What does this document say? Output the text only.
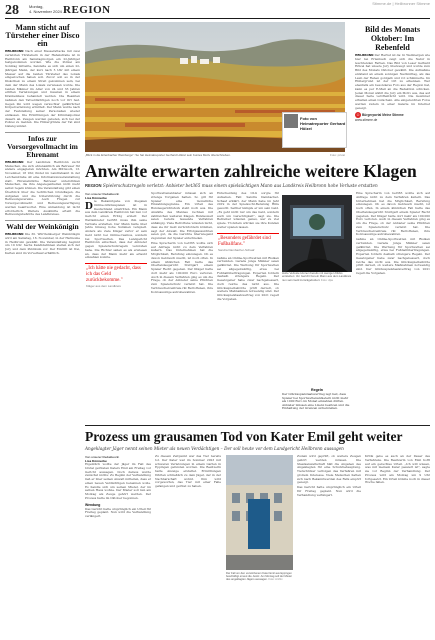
28	Montag,
4. November 2024 REGION
Stimme.de | Heilbronner Stimme
Mann sticht auf Türsteher einer Disco ein

HEILBRONN Nach einer Messerattacke mit zwei verletzten Türstehern in der Hafenstraße ist in Heilbronn am Samstagmorgen ein 22-Jähriger festgenommen worden. Wie die Polizei am Sonntag mitteilte, handelte es sich um einen 22-jährigen Mann, der kurz nach 5 Uhr mit einem Messer auf die beiden Türsteher des Lokals eingestochen haben soll. Zuvor soll es in der Diskothek zu einem Streit gekommen sein, bei dem der Mann des Lokals verwiesen wurde. Die beiden Männer im Alter von 24 und 33 Jahren erlitten Verletzungen und mussten in einem Krankenhaus behandelt werden. Die Beamten nahmen den Tatverdächtigen noch vor Ort fest. Gegen ihn wird wegen versuchter gefährlicher Körperverletzung ermittelt. Der Mann wurde nach der Feststellung seiner Personalien wieder entlassen. Die Ermittlungen der Kriminalpolizei dauern an. Zeugen werden gebeten, sich bei der Polizei zu melden. Die Hintergründe der Tat sind bislang unklar.

Infos zur Vorsorgevollmacht im Ehrenamt

HEILBRONN Der Landkreis Heilbronn sucht Menschen, die sich ehrenamtlich als Betreuer für andere engagieren möchten. Am Mittwoch, 13. November, 18 Uhr, findet im Landratsamt in der Lerchenstraße 40 eine Informationsveranstaltung statt. Ehrenamtliche Betreuer unterstützen Menschen, die ihre Angelegenheiten nicht mehr selbst regeln können. Die Veranstaltung gibt einen Überblick über die rechtlichen Grundlagen, die Aufgaben und die Unterstützung durch die Betreuungsvereine. Auch Fragen zur Vorsorgevollmacht und Betreuungsverfügung werden beantwortet. Eine Anmeldung ist nicht erforderlich. Weitere Auskünfte erteilt die Betreuungsbehörde des Landkreises.

Wahl der Weinkönigin

HEILBRONN Die 30. Württemberger Weinkönigin wird am Samstag, 16. November, in der Harmonie in Heilbronn gewählt. Die Veranstaltung beginnt um 19 Uhr. Sechs Kandidatinnen stellen sich der Jury und dem Publikum vor. Der Eintritt ist frei, Karten sind im Vorverkauf erhältlich.

Foto von Heimatreporter Gerhard Hölzel
Foto: privat
„Blick in die Erlenbacher Weinberge": So hat Heimatreporter Gerhard Hölzel sein buntes Motiv überschrieben.
Bild des Monats Oktober: Im Rebenfeld

HEILBRONN Der Herbst ist da: In Weinbergen wie hier bei Erlenbach zeigt sich die Natur in leuchtenden Farben. Das Bild von Leser Gerhard Hölzel hat unsere Jury überzeugt und wurde zum Bild des Monats Oktober gewählt. Die Aufnahme entstand an einem sonnigen Nachmittag, als das Laub der Reben goldgelb und rot schimmerte. Im Hintergrund ist der Ort zu erkennen. Wer ebenfalls ein besonderes Foto aus der Region hat, kann es per E-Mail an die Redaktion schicken. Jeden Monat wählt die Jury ein Motiv aus, das auf dieser Seite veröffentlicht wird. Die Gewinner erhalten einen Gutschein. Alle eingereichten Fotos werden zudem in einer Galerie im Internet gezeigt.

☺ Bürgerportal Meine Stimme
www.stimme.de
Anwälte erwarten zahlreiche weitere Klagen
REGION Spielerschutzregeln verletzt: Anbieter bet365 muss einem spielsüchtigen Mann aus Landkreis Heilbronn hohe Verluste erstatten
Von unserer Redakteurin
Lisa Könnecke

Die Bekanntgabe von illegalen Online-Glücksspielen ist in Deutschland umstritten. Ein Mann aus dem Landkreis Heilbronn hat nun vor Gericht einen Erfolg erzielt: Der Wettanbieter bet365 muss ihm seine Verluste erstatten. Der Mann hatte über Jahre hinweg hohe Summen verspielt. Anders als viele Kläger verlor er sein Geld nicht bei Online-Casinos, sondern bei Sportwetten. Das Landgericht Heilbronn entschied, dass der Anbieter gegen Spielerschutzregeln verstoßen habe. Die Richter sahen es als erwiesen an, dass der Mann mehr als erlaubt einzahlen konnte.

„Ich hätte nie gedacht, dass ich das Geld zurückbekomme."
Kläger aus dem Landkreis

Sportwettenanbieter müssen sich an strenge Vorgaben halten. So gilt für Spieler eine monatliche Einzahlungsgrenze. Ein Urteil des Bundesgerichtshofs steht noch aus. Die Anwälte des Mannes rechnen mit zahlreichen weiteren Klagen. Bundesweit seien bereits tausende Verfahren anhängig. Viele Betroffene wüssten nicht, dass sie ihr Geld zurückfordern könnten, sagt der Anwalt. Die Erfolgsaussichten seien gut, da die Gerichte überwiegend zugunsten der Spieler entschieden.

Eine Sprecherin von bet365 wollte sich auf Anfrage nicht zu dem Verfahren äußern. Das Unternehmen hat die Möglichkeit, Berufung einzulegen. Ob es davon Gebrauch macht, ist noch offen. In einem ähnlichen Fall hatte das Oberlandesgericht Stuttgart einem Spieler Recht gegeben. Der Kläger hatte dort mehr als 100.000 Euro verloren. Auch in diesem Verfahren ging es um die Frage, ob der Anbieter seine Pflichten zum Spielerschutz verletzt hat. Die Verbraucherzentrale rät Betroffenen, ihre Kontoauszüge aufzubewahren.

Entscheidung des OLG sorgte für Aufsehen. Fall: Sandra Dambacher-Schaaf erklärt, der Mann habe im Jahr 2019 in der Spielsucht-Beratung Hilfe gesucht. Seither kämpfe er um sein Geld. „Es geht nicht nur um das Geld, sondern auch um Gerechtigkeit", sagt sie. Die Betreiber wüssten genau, wer zu viel spiele. Trotzdem würden sie ihre Kunden weiter spielen lassen.

„Besonders gefährdet sind Fußballfans."
Sandra Dambacher-Schaaf

nahme an Online-Sportwetten mit Risiken verbunden. Gerade junge Männer seien gefährdet. Die Werbung für Sportwetten sei allgegenwärtig, etwa bei Fußballübertragungen. Experten fordern deshalb strengere Regeln. Der Gesetzgeber habe zwar nachgebessert, doch reiche das nicht aus. Die Glücksspielbehörde prüft derzeit, ob weitere Maßnahmen notwendig sind. Der Glücksspielstaatsvertrag von 2021 regelt die Vorgaben.

Eine Sprecherin von bet365 wollte sich auf Anfrage nicht zu dem Verfahren äußern. Das Unternehmen hat die Möglichkeit, Berufung einzulegen. Ob es davon Gebrauch macht, ist noch offen. In einem ähnlichen Fall hatte das Oberlandesgericht Stuttgart einem Spieler Recht gegeben. Der Kläger hatte dort mehr als 100.000 Euro verloren. Auch in diesem Verfahren ging es um die Frage, ob der Anbieter seine Pflichten zum Spielerschutz verletzt hat. Die Verbraucherzentrale rät Betroffenen, ihre Kontoauszüge aufzubewahren.

nahme an Online-Sportwetten mit Risiken verbunden. Gerade junge Männer seien gefährdet. Die Werbung für Sportwetten sei allgegenwärtig, etwa bei Fußballübertragungen. Experten fordern deshalb strengere Regeln. Der Gesetzgeber habe zwar nachgebessert, doch reiche das nicht aus. Die Glücksspielbehörde prüft derzeit, ob weitere Maßnahmen notwendig sind. Der Glücksspielstaatsvertrag von 2021 regelt die Vorgaben.

Hohe Verluste können bereits mit wenigen Klicks entstehen: Vor Gericht hat ein Mann aus dem Landkreis nun sein Geld zurückgefordert. Foto: dpa
Regeln
Der Glücksspielstaatsvertrag legt fest, dass Spieler bei Sportwettenanbietern nicht mehr als 1000 Euro im Monat einzahlen dürfen. Anbieter müssen eine Lizenz besitzen und die Einhaltung der Grenzen sicherstellen.
Prozess um grausamen Tod von Kater Emil geht weiter
Angeklagter Jäger nennt seinen Mieter als neuen Verdächtigen – Der soll heute vor dem Landgericht Heilbronn aussagen
Von unserer Redakteurin
Lisa Könnecke

Eigentlich wollte der Jäger im Fall des brutal getöteten Katers Emil am Freitag vor Gericht aussagen. Doch daraus wurde zunächst nichts: Zu Beginn der Verhandlung ließ er über seinen Anwalt mitteilen, dass er einen neuen Verdächtigen benennen wolle. Es handle sich um seinen Mieter, der im selben Haus wohne. Der Mieter soll nun am Montag als Zeuge gehört werden. Der Prozess hatte im Oktober begonnen.

Wendung

Das Gericht hatte ursprünglich ein Urteil für Freitag geplant. Nun wird die Verhandlung verlängert.

Zu diesem Zeitpunkt war das Tier bereits tot. Der Kater war im Sommer 2023 mit schweren Verletzungen in einem Garten in Eppingen gefunden worden. Die Besitzerin hatte Anzeige erstattet. Ermittlungen führten schließlich zu dem Jäger, der in der Nachbarschaft wohnt. Ihm wird vorgeworfen, das Tier mit einer Falle gefangen und getötet zu haben.

Der Fall um den verstorbenen Kater Emil aus Eppingen beschäftigt erneut die Justiz. Am Montag soll der Mieter des angeklagten Jägers aussagen. Foto: Archiv

Zudem wird geprüft, ob weitere Zeugen gehört werden müssen. Die Staatsanwaltschaft hält die Angaben des Angeklagten für eine Schutzbehauptung. Tierschützer verfolgen das Verfahren mit großem Interesse. Viele Menschen hatten sich nach Bekanntwerden des Falls empört gezeigt.

Das Gericht hatte ursprünglich ein Urteil für Freitag geplant. Nun wird die Verhandlung verlängert.

Kritik gebe es auch an der Dauer des Verfahrens. Die Besitzerin von Emil hofft auf ein gerechtes Urteil. „Ich will wissen, was mit meinem Kater passiert ist", sagte sie vor Beginn der Verhandlung. Der Prozess wird am Montag um 9 Uhr fortgesetzt. Ein Urteil könnte noch in dieser Woche fallen.
